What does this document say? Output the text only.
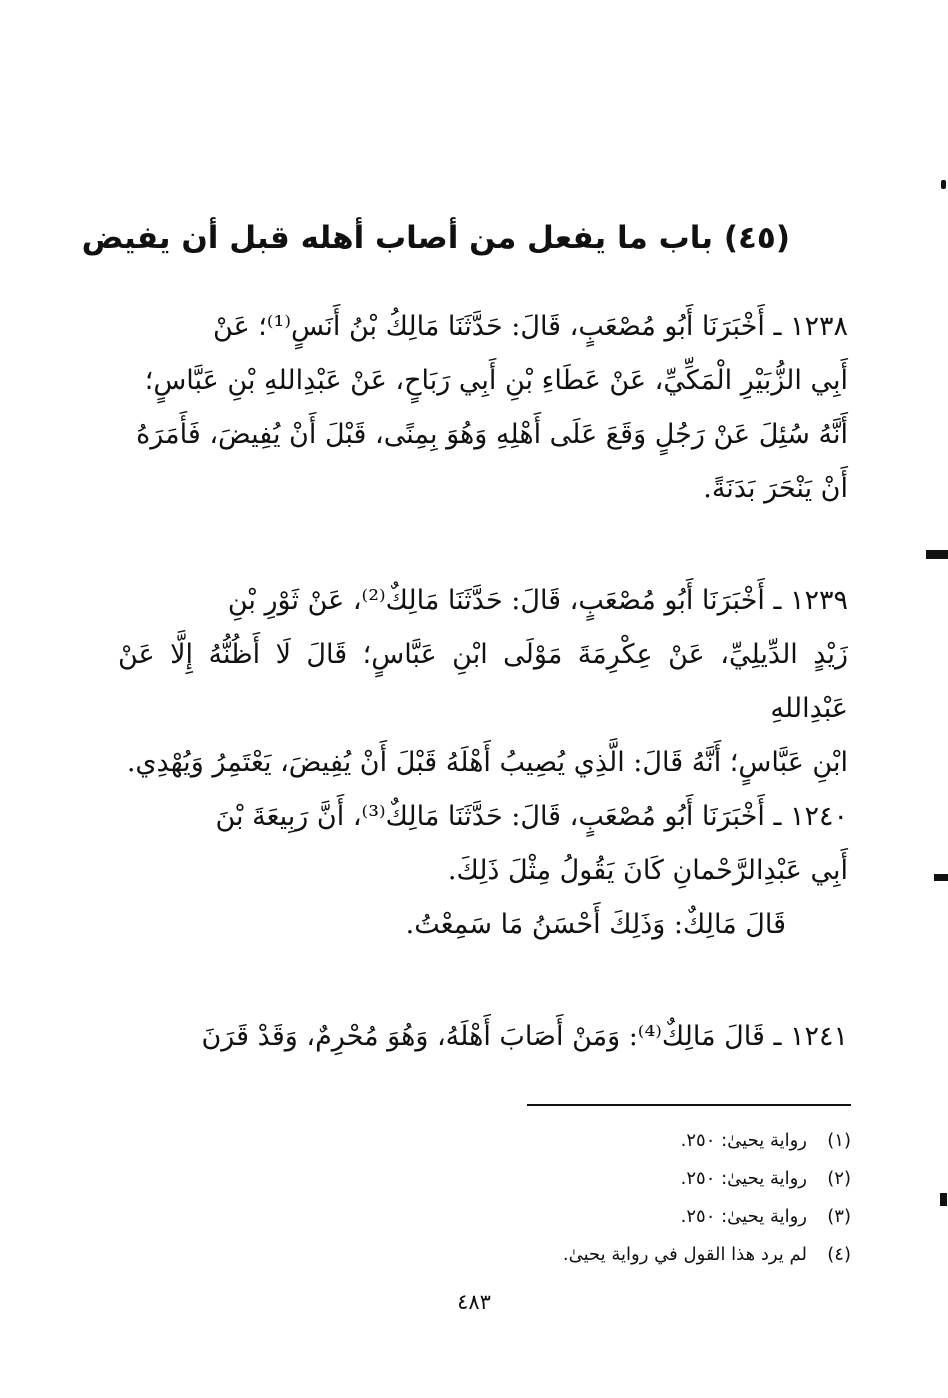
(٤٥) باب ما يفعل من أصاب أهله قبل أن يفيض

١٢٣٨ ـ أَخْبَرَنَا أَبُو مُصْعَبٍ، قَالَ: حَدَّثَنَا مَالِكُ بْنُ أَنَسٍ⁽¹⁾؛ عَنْ

أَبِي الزُّبَيْرِ الْمَكِّيِّ، عَنْ عَطَاءِ بْنِ أَبِي رَبَاحٍ، عَنْ عَبْدِاللهِ بْنِ عَبَّاسٍ؛

أَنَّهُ سُئِلَ عَنْ رَجُلٍ وَقَعَ عَلَى أَهْلِهِ وَهُوَ بِمِنًى، قَبْلَ أَنْ يُفِيضَ، فَأَمَرَهُ

أَنْ يَنْحَرَ بَدَنَةً.

١٢٣٩ ـ أَخْبَرَنَا أَبُو مُصْعَبٍ، قَالَ: حَدَّثَنَا مَالِكٌ⁽²⁾، عَنْ ثَوْرِ بْنِ

زَيْدٍ الدِّيلِيِّ، عَنْ عِكْرِمَةَ مَوْلَى ابْنِ عَبَّاسٍ؛ قَالَ لَا أَظُنُّهُ إِلَّا عَنْ عَبْدِاللهِ

ابْنِ عَبَّاسٍ؛ أَنَّهُ قَالَ: الَّذِي يُصِيبُ أَهْلَهُ قَبْلَ أَنْ يُفِيضَ، يَعْتَمِرُ وَيُهْدِي.

١٢٤٠ ـ أَخْبَرَنَا أَبُو مُصْعَبٍ، قَالَ: حَدَّثَنَا مَالِكٌ⁽³⁾، أَنَّ رَبِيعَةَ بْنَ

أَبِي عَبْدِالرَّحْمانِ كَانَ يَقُولُ مِثْلَ ذَلِكَ.

قَالَ مَالِكٌ: وَذَلِكَ أَحْسَنُ مَا سَمِعْتُ.

١٢٤١ ـ قَالَ مَالِكٌ⁽⁴⁾: وَمَنْ أَصَابَ أَهْلَهُ، وَهُوَ مُحْرِمٌ، وَقَدْ قَرَنَ

(١)
رواية يحيىٰ: ٢٥٠.
(٢)
رواية يحيىٰ: ٢٥٠.
(٣)
رواية يحيىٰ: ٢٥٠.
(٤)
لم يرد هذا القول في رواية يحيىٰ.
٤٨٣
